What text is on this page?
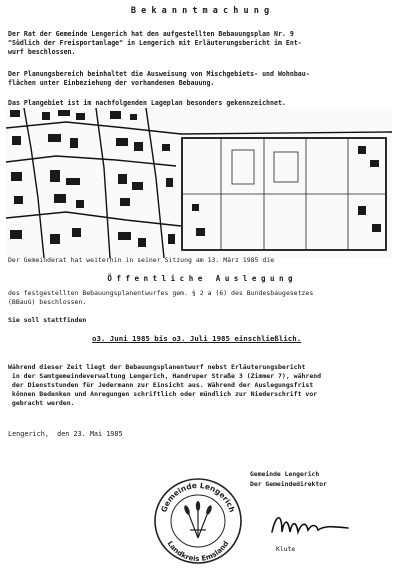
B e k a n n t m a c h u n g

Der Rat der Gemeinde Lengerich hat den aufgestellten Bebauungsplan Nr. 9
"Südlich der Freisportanlage" in Lengerich mit Erläuterungsbericht im Ent-
wurf beschlossen.

Der Planungsbereich beinhaltet die Ausweisung von Mischgebiets- und Wohnbau-
flächen unter Einbeziehung der vorhandenen Bebauung.

Das Plangebiet ist im nachfolgenden Lageplan besonders gekennzeichnet.

Der Gemeinderat hat weiterhin in seiner Sitzung am 13. März 1985 die

Ö f f e n t l i c h e   A u s l e g u n g

des festgestellten Bebauungsplanentwurfes gem. § 2 a (6) des Bundesbaugesetzes
(BBauG) beschlossen.

Sie soll stattfinden

o3. Juni 1985 bis o3. Juli 1985 einschließlich.

Während dieser Zeit liegt der Bebauungsplanentwurf nebst Erläuterungsbericht
in der Samtgemeindeverwaltung Lengerich, Handruper Straße 3 (Zimmer 7), während
der Dienststunden für Jedermann zur Einsicht aus. Während der Auslegungsfrist
können Bedenken und Anregungen schriftlich oder mündlich zur Niederschrift vor
gebracht werden.

Lengerich,  den 23. Mai 1985

Gemeinde Lengerich
Landkreis Emsland

Gemeinde Lengerich

Der Gemeindedirektor

Klute
